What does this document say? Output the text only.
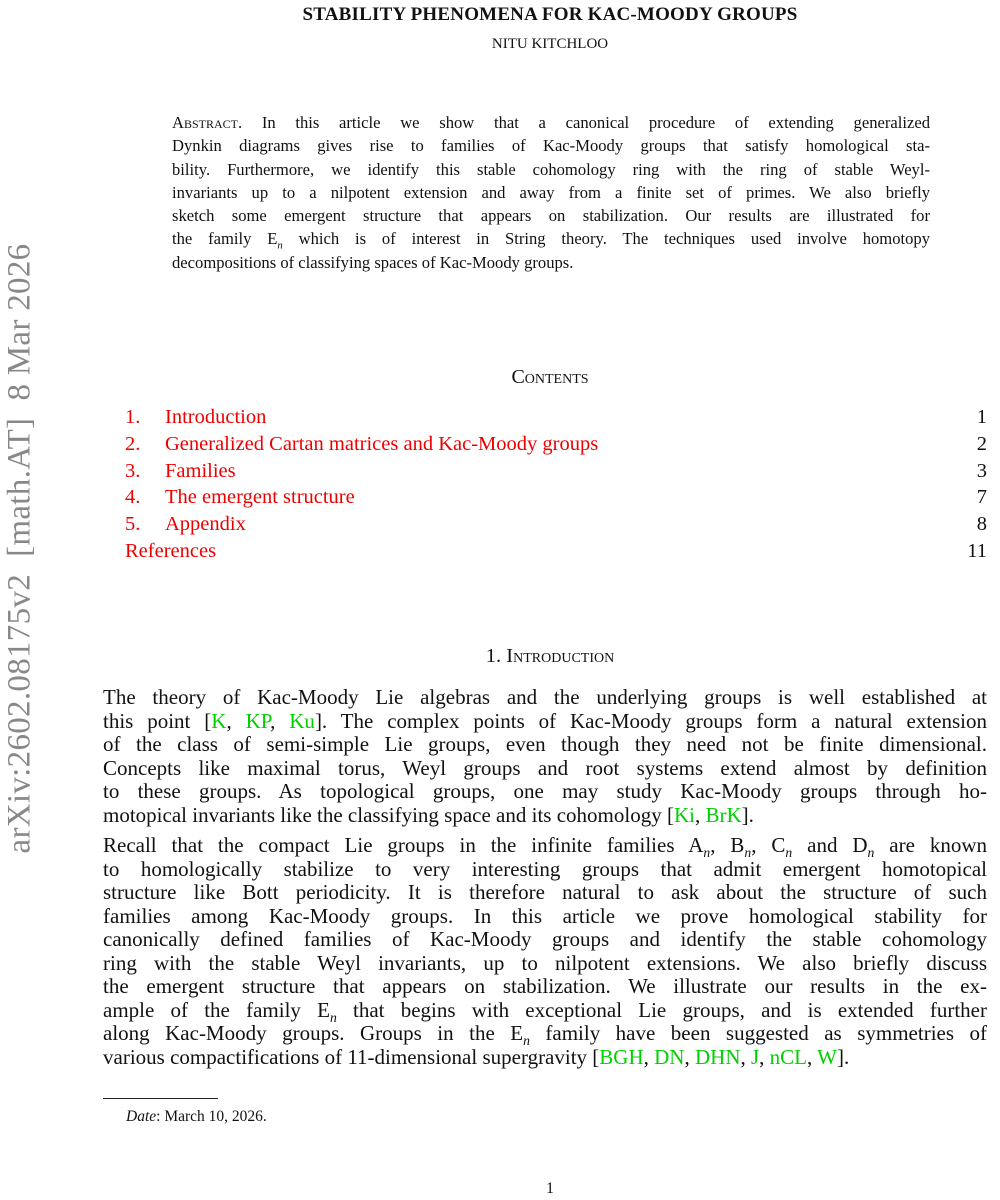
arXiv:2602.08175v2  [math.AT]  8 Mar 2026
STABILITY PHENOMENA FOR KAC-MOODY GROUPS
NITU KITCHLOO
Abstract. In this article we show that a canonical procedure of extending generalized
Dynkin diagrams gives rise to families of Kac-Moody groups that satisfy homological sta-
bility. Furthermore, we identify this stable cohomology ring with the ring of stable Weyl-
invariants up to a nilpotent extension and away from a finite set of primes. We also briefly
sketch some emergent structure that appears on stabilization. Our results are illustrated for
the family $E_n$ which is of interest in String theory. The techniques used involve homotopy
decompositions of classifying spaces of Kac-Moody groups.
Contents
1. Introduction	1
2. Generalized Cartan matrices and Kac-Moody groups	2
3. Families	3
4. The emergent structure	7
5. Appendix	8
References	11
1. Introduction
The theory of Kac-Moody Lie algebras and the underlying groups is well established at
this point [K, KP, Ku]. The complex points of Kac-Moody groups form a natural extension
of the class of semi-simple Lie groups, even though they need not be finite dimensional.
Concepts like maximal torus, Weyl groups and root systems extend almost by definition
to these groups. As topological groups, one may study Kac-Moody groups through ho-
motopical invariants like the classifying space and its cohomology [Ki, BrK].
Recall that the compact Lie groups in the infinite families $A_n$, $B_n$, $C_n$ and $D_n$ are known
to homologically stabilize to very interesting groups that admit emergent homotopical
structure like Bott periodicity. It is therefore natural to ask about the structure of such
families among Kac-Moody groups. In this article we prove homological stability for
canonically defined families of Kac-Moody groups and identify the stable cohomology
ring with the stable Weyl invariants, up to nilpotent extensions. We also briefly discuss
the emergent structure that appears on stabilization. We illustrate our results in the ex-
ample of the family $E_n$ that begins with exceptional Lie groups, and is extended further
along Kac-Moody groups. Groups in the $E_n$ family have been suggested as symmetries of
various compactifications of 11-dimensional supergravity [BGH, DN, DHN, J, nCL, W].
Date: March 10, 2026.
1
